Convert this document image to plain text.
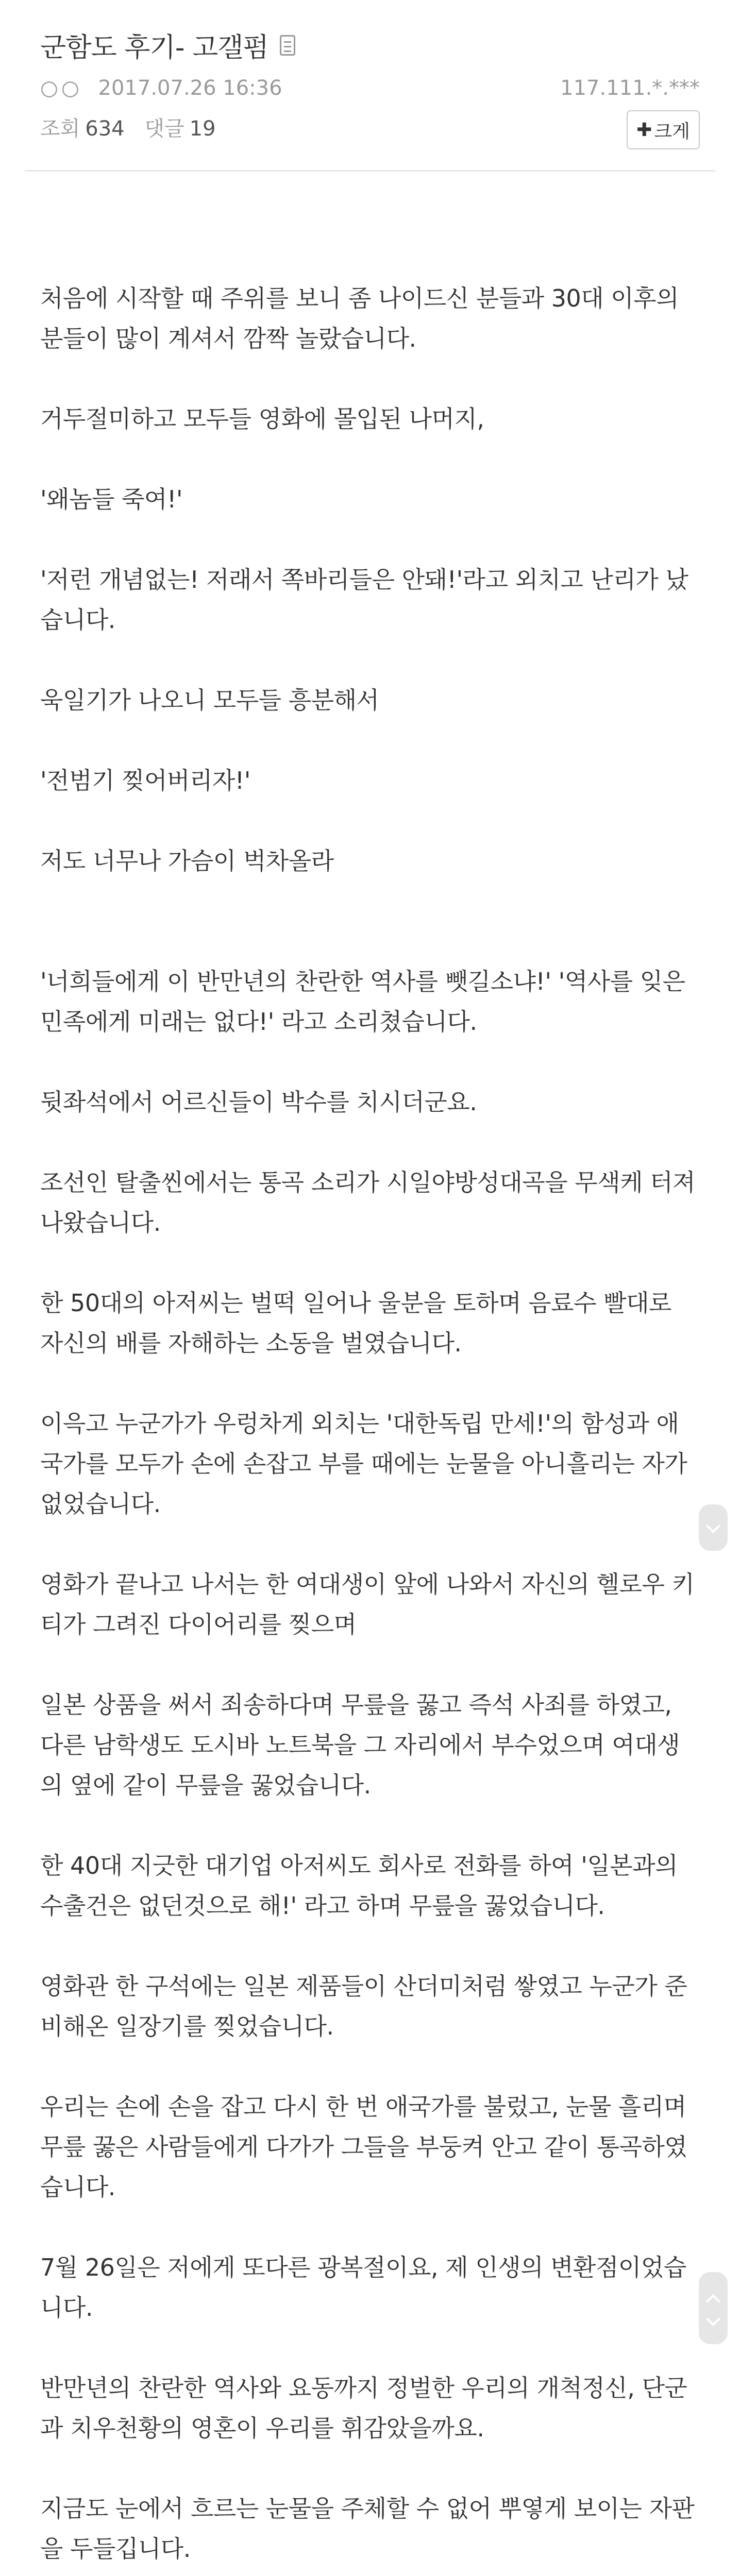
군함도 후기- 고갤펌
○○ 2017.07.26 16:36	117.111.*.***
조회 634 댓글 19	✚ 크게

처음에 시작할 때 주위를 보니 좀 나이드신 분들과 30대 이후의 분들이 많이 계셔서 깜짝 놀랐습니다.

거두절미하고 모두들 영화에 몰입된 나머지,

'왜놈들 죽여!'

'저런 개념없는! 저래서 쪽바리들은 안돼!'라고 외치고 난리가 났습니다.

욱일기가 나오니 모두들 흥분해서

'전범기 찢어버리자!'

저도 너무나 가슴이 벅차올라

'너희들에게 이 반만년의 찬란한 역사를 뺏길소냐!' '역사를 잊은 민족에게 미래는 없다!' 라고 소리쳤습니다.

뒷좌석에서 어르신들이 박수를 치시더군요.

조선인 탈출씬에서는 통곡 소리가 시일야방성대곡을 무색케 터져 나왔습니다.

한 50대의 아저씨는 벌떡 일어나 울분을 토하며 음료수 빨대로 자신의 배를 자해하는 소동을 벌였습니다.

이윽고 누군가가 우렁차게 외치는 '대한독립 만세!'의 함성과 애국가를 모두가 손에 손잡고 부를 때에는 눈물을 아니흘리는 자가 없었습니다.

영화가 끝나고 나서는 한 여대생이 앞에 나와서 자신의 헬로우 키티가 그려진 다이어리를 찢으며

일본 상품을 써서 죄송하다며 무릎을 꿇고 즉석 사죄를 하였고, 다른 남학생도 도시바 노트북을 그 자리에서 부수었으며 여대생의 옆에 같이 무릎을 꿇었습니다.

한 40대 지긋한 대기업 아저씨도 회사로 전화를 하여 '일본과의 수출건은 없던것으로 해!' 라고 하며 무릎을 꿇었습니다.

영화관 한 구석에는 일본 제품들이 산더미처럼 쌓였고 누군가 준비해온 일장기를 찢었습니다.

우리는 손에 손을 잡고 다시 한 번 애국가를 불렀고, 눈물 흘리며 무릎 꿇은 사람들에게 다가가 그들을 부둥켜 안고 같이 통곡하였습니다.

7월 26일은 저에게 또다른 광복절이요, 제 인생의 변환점이었습니다.

반만년의 찬란한 역사와 요동까지 정벌한 우리의 개척정신, 단군과 치우천황의 영혼이 우리를 휘감았을까요.

지금도 눈에서 흐르는 눈물을 주체할 수 없어 뿌옇게 보이는 자판을 두들깁니다.
